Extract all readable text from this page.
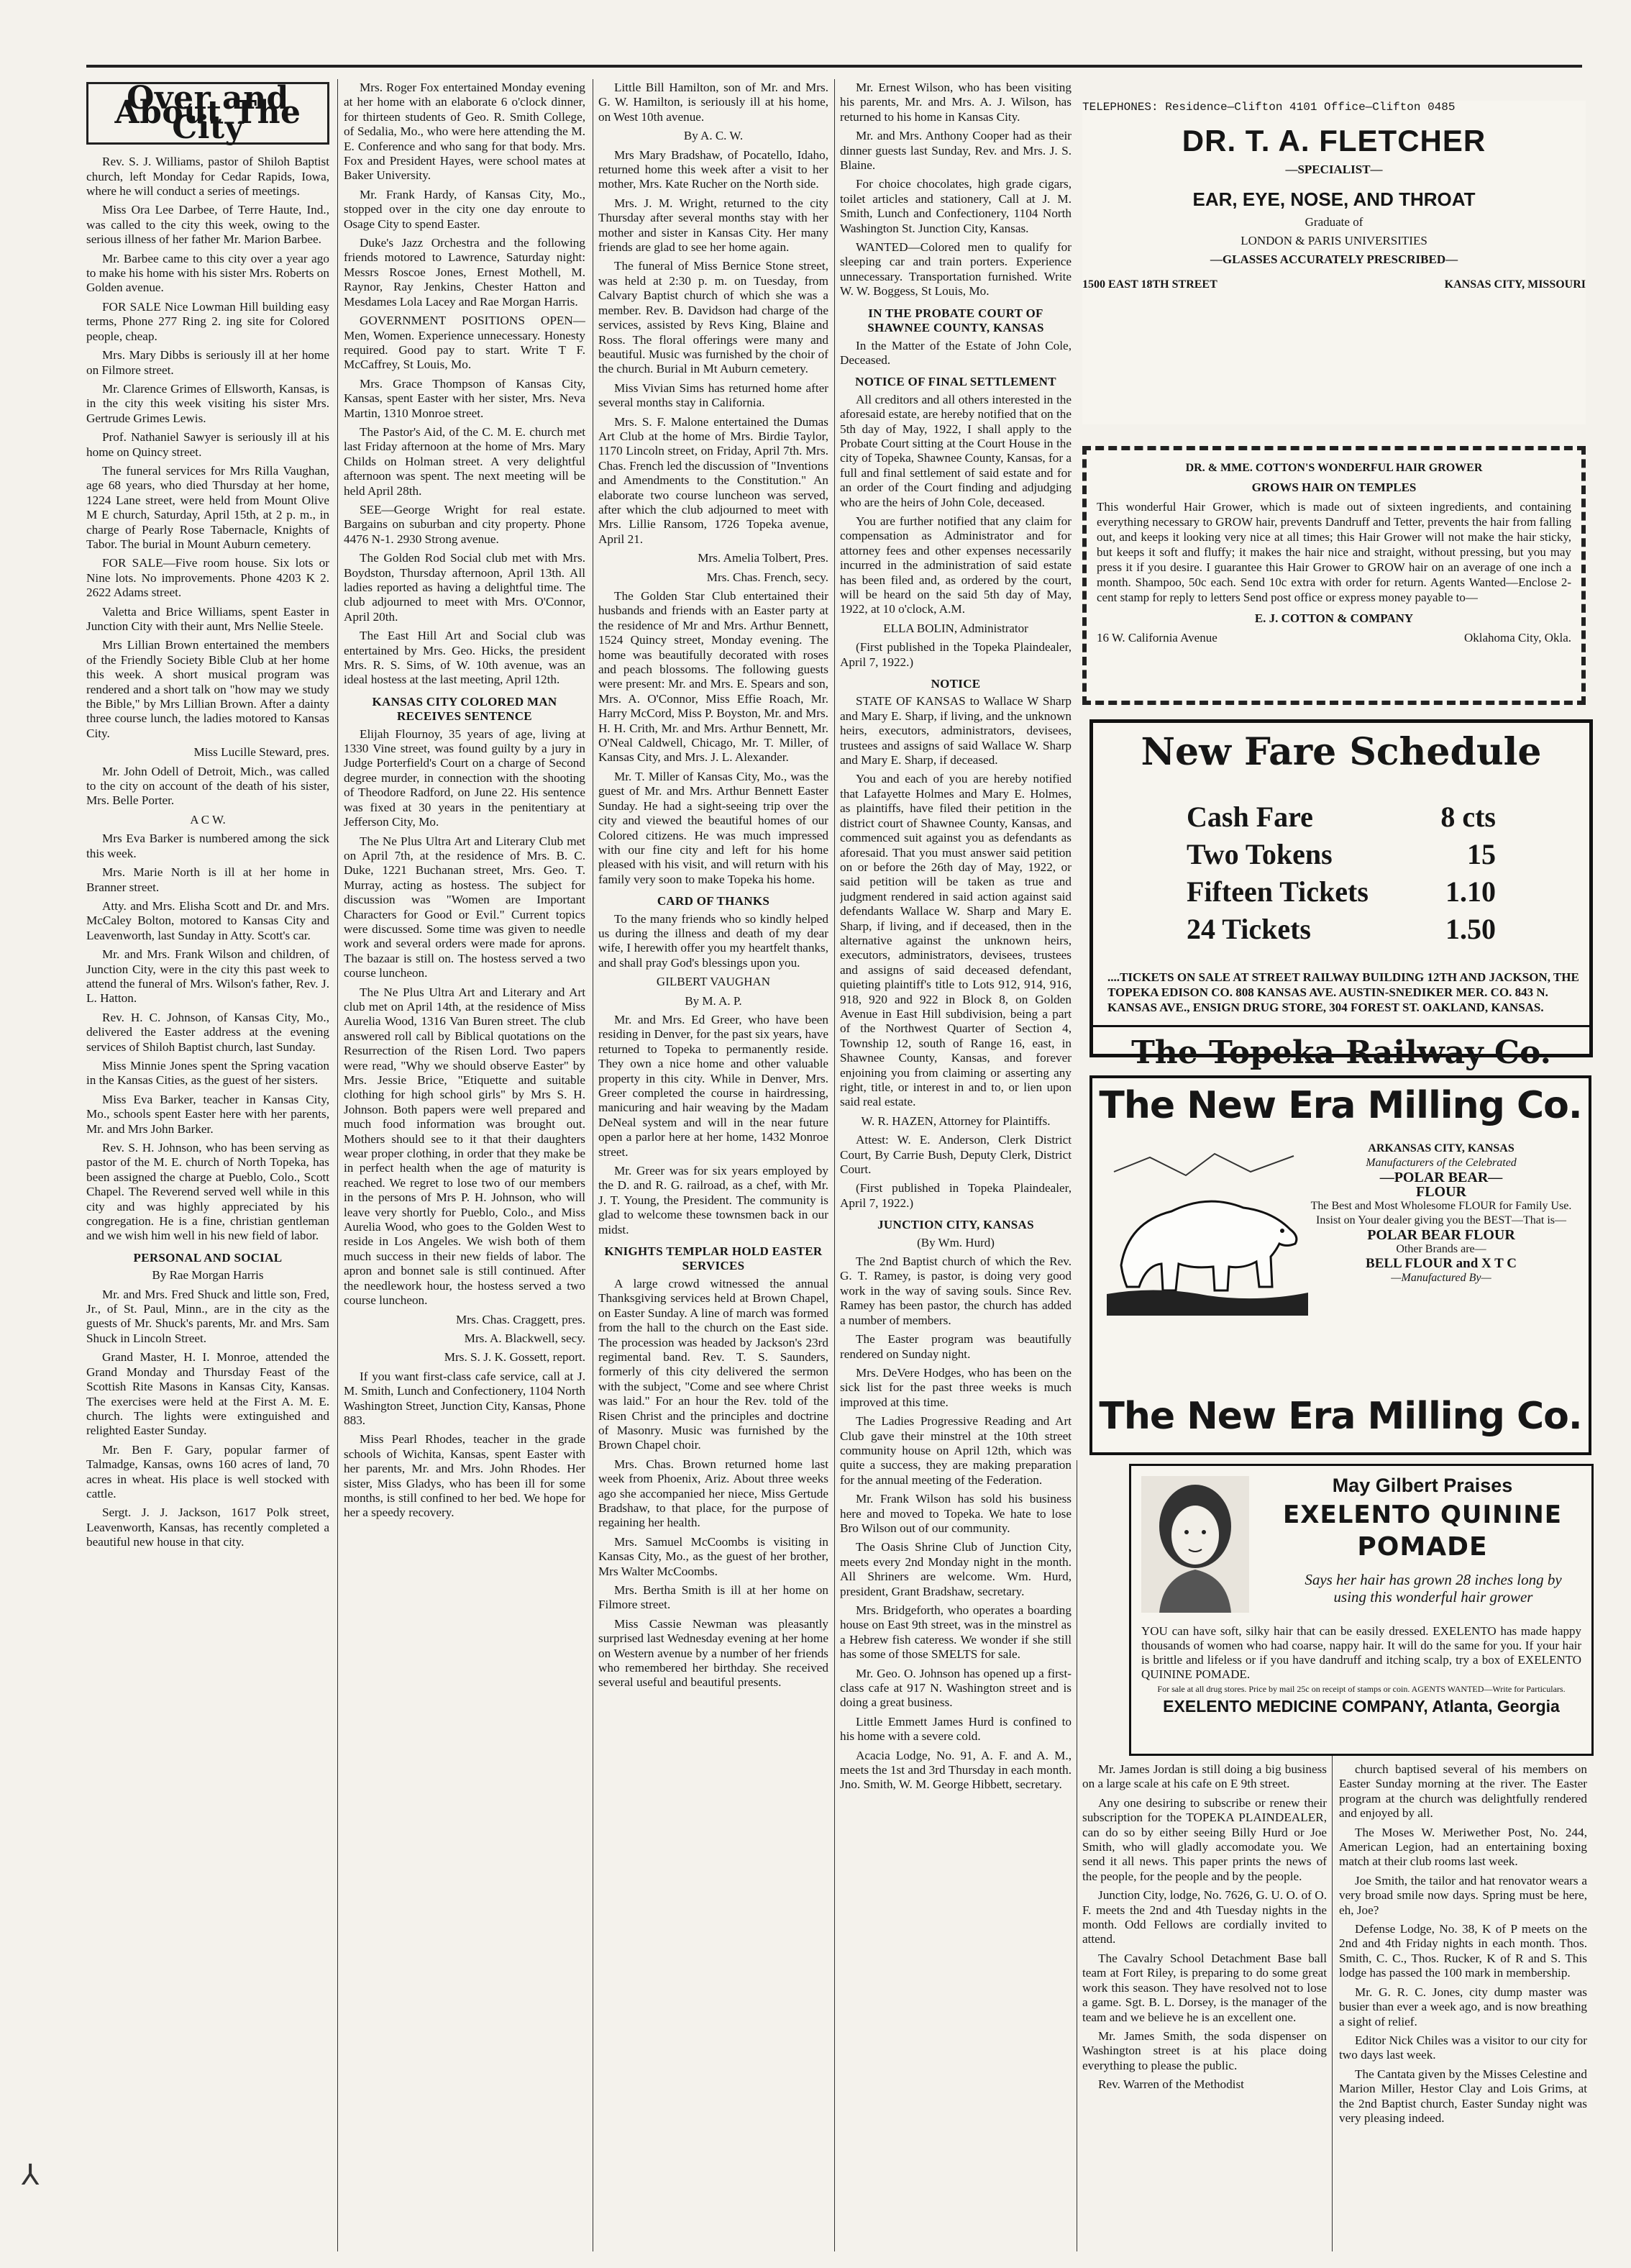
Over and About The City

Rev. S. J. Williams, pastor of Shiloh Baptist church, left Monday for Cedar Rapids, Iowa, where he will conduct a series of meetings.

Miss Ora Lee Darbee, of Terre Haute, Ind., was called to the city this week, owing to the serious illness of her father Mr. Marion Barbee.

Mr. Barbee came to this city over a year ago to make his home with his sister Mrs. Roberts on Golden avenue.

FOR SALE Nice Lowman Hill building easy terms, Phone 277 Ring 2. ing site for Colored people, cheap.

Mrs. Mary Dibbs is seriously ill at her home on Filmore street.

Mr. Clarence Grimes of Ellsworth, Kansas, is in the city this week visiting his sister Mrs. Gertrude Grimes Lewis.

Prof. Nathaniel Sawyer is seriously ill at his home on Quincy street.

The funeral services for Mrs Rilla Vaughan, age 68 years, who died Thursday at her home, 1224 Lane street, were held from Mount Olive M E church, Saturday, April 15th, at 2 p. m., in charge of Pearly Rose Tabernacle, Knights of Tabor. The burial in Mount Auburn cemetery.

FOR SALE—Five room house. Six lots or Nine lots. No improvements. Phone 4203 K 2. 2622 Adams street.

Valetta and Brice Williams, spent Easter in Junction City with their aunt, Mrs Nellie Steele.

Mrs Lillian Brown entertained the members of the Friendly Society Bible Club at her home this week. A short musical program was rendered and a short talk on "how may we study the Bible," by Mrs Lillian Brown. After a dainty three course lunch, the ladies motored to Kansas City.

Miss Lucille Steward, pres.

Mr. John Odell of Detroit, Mich., was called to the city on account of the death of his sister, Mrs. Belle Porter.

A C W.

Mrs Eva Barker is numbered among the sick this week.

Mrs. Marie North is ill at her home in Branner street.

Atty. and Mrs. Elisha Scott and Dr. and Mrs. McCaley Bolton, motored to Kansas City and Leavenworth, last Sunday in Atty. Scott's car.

Mr. and Mrs. Frank Wilson and children, of Junction City, were in the city this past week to attend the funeral of Mrs. Wilson's father, Rev. J. L. Hatton.

Rev. H. C. Johnson, of Kansas City, Mo., delivered the Easter address at the evening services of Shiloh Baptist church, last Sunday.

Miss Minnie Jones spent the Spring vacation in the Kansas Cities, as the guest of her sisters.

Miss Eva Barker, teacher in Kansas City, Mo., schools spent Easter here with her parents, Mr. and Mrs John Barker.

Rev. S. H. Johnson, who has been serving as pastor of the M. E. church of North Topeka, has been assigned the charge at Pueblo, Colo., Scott Chapel. The Reverend served well while in this city and was highly appreciated by his congregation. He is a fine, christian gentleman and we wish him well in his new field of labor.

PERSONAL AND SOCIAL
By Rae Morgan Harris

Mr. and Mrs. Fred Shuck and little son, Fred, Jr., of St. Paul, Minn., are in the city as the guests of Mr. Shuck's parents, Mr. and Mrs. Sam Shuck in Lincoln Street.

Grand Master, H. I. Monroe, attended the Grand Monday and Thursday Feast of the Scottish Rite Masons in Kansas City, Kansas. The exercises were held at the First A. M. E. church. The lights were extinguished and relighted Easter Sunday.

Mr. Ben F. Gary, popular farmer of Talmadge, Kansas, owns 160 acres of land, 70 acres in wheat. His place is well stocked with cattle.

Sergt. J. J. Jackson, 1617 Polk street, Leavenworth, Kansas, has recently completed a beautiful new house in that city.

Mrs. Roger Fox entertained Monday evening at her home with an elaborate 6 o'clock dinner, for thirteen students of Geo. R. Smith College, of Sedalia, Mo., who were here attending the M. E. Conference and who sang for that body. Mrs. Fox and President Hayes, were school mates at Baker University.

Mr. Frank Hardy, of Kansas City, Mo., stopped over in the city one day enroute to Osage City to spend Easter.

Duke's Jazz Orchestra and the following friends motored to Lawrence, Saturday night: Messrs Roscoe Jones, Ernest Mothell, M. Raynor, Ray Jenkins, Chester Hatton and Mesdames Lola Lacey and Rae Morgan Harris.

GOVERNMENT POSITIONS OPEN—Men, Women. Experience unnecessary. Honesty required. Good pay to start. Write T F. McCaffrey, St Louis, Mo.

Mrs. Grace Thompson of Kansas City, Kansas, spent Easter with her sister, Mrs. Neva Martin, 1310 Monroe street.

The Pastor's Aid, of the C. M. E. church met last Friday afternoon at the home of Mrs. Mary Childs on Holman street. A very delightful afternoon was spent. The next meeting will be held April 28th.

SEE—George Wright for real estate. Bargains on suburban and city property. Phone 4476 N-1. 2930 Strong avenue.

The Golden Rod Social club met with Mrs. Boydston, Thursday afternoon, April 13th. All ladies reported as having a delightful time. The club adjourned to meet with Mrs. O'Connor, April 20th.

The East Hill Art and Social club was entertained by Mrs. Geo. Hicks, the president Mrs. R. S. Sims, of W. 10th avenue, was an ideal hostess at the last meeting, April 12th.

KANSAS CITY COLORED MAN RECEIVES SENTENCE

Elijah Flournoy, 35 years of age, living at 1330 Vine street, was found guilty by a jury in Judge Porterfield's Court on a charge of Second degree murder, in connection with the shooting of Theodore Radford, on June 22. His sentence was fixed at 30 years in the penitentiary at Jefferson City, Mo.

The Ne Plus Ultra Art and Literary Club met on April 7th, at the residence of Mrs. B. C. Duke, 1221 Buchanan street, Mrs. Geo. T. Murray, acting as hostess. The subject for discussion was "Women are Important Characters for Good or Evil." Current topics were discussed. Some time was given to needle work and several orders were made for aprons. The bazaar is still on. The hostess served a two course luncheon.

The Ne Plus Ultra Art and Literary and Art club met on April 14th, at the residence of Miss Aurelia Wood, 1316 Van Buren street. The club answered roll call by Biblical quotations on the Resurrection of the Risen Lord. Two papers were read, "Why we should observe Easter" by Mrs. Jessie Brice, "Etiquette and suitable clothing for high school girls" by Mrs S. H. Johnson. Both papers were well prepared and much food information was brought out. Mothers should see to it that their daughters wear proper clothing, in order that they make be in perfect health when the age of maturity is reached. We regret to lose two of our members in the persons of Mrs P. H. Johnson, who will leave very shortly for Pueblo, Colo., and Miss Aurelia Wood, who goes to the Golden West to reside in Los Angeles. We wish both of them much success in their new fields of labor. The apron and bonnet sale is still continued. After the needlework hour, the hostess served a two course luncheon.

Mrs. Chas. Craggett, pres.
Mrs. A. Blackwell, secy.
Mrs. S. J. K. Gossett, report.

If you want first-class cafe service, call at J. M. Smith, Lunch and Confectionery, 1104 North Washington Street, Junction City, Kansas, Phone 883.

Miss Pearl Rhodes, teacher in the grade schools of Wichita, Kansas, spent Easter with her parents, Mr. and Mrs. John Rhodes. Her sister, Miss Gladys, who has been ill for some months, is still confined to her bed. We hope for her a speedy recovery.

Little Bill Hamilton, son of Mr. and Mrs. G. W. Hamilton, is seriously ill at his home, on West 10th avenue.

By A. C. W.

Mrs Mary Bradshaw, of Pocatello, Idaho, returned home this week after a visit to her mother, Mrs. Kate Rucher on the North side.

Mrs. J. M. Wright, returned to the city Thursday after several months stay with her mother and sister in Kansas City. Her many friends are glad to see her home again.

The funeral of Miss Bernice Stone street, was held at 2:30 p. m. on Tuesday, from Calvary Baptist church of which she was a member. Rev. B. Davidson had charge of the services, assisted by Revs King, Blaine and Ross. The floral offerings were many and beautiful. Music was furnished by the choir of the church. Burial in Mt Auburn cemetery.

Miss Vivian Sims has returned home after several months stay in California.

Mrs. S. F. Malone entertained the Dumas Art Club at the home of Mrs. Birdie Taylor, 1170 Lincoln street, on Friday, April 7th. Mrs. Chas. French led the discussion of "Inventions and Amendments to the Constitution." An elaborate two course luncheon was served, after which the club adjourned to meet with Mrs. Lillie Ransom, 1726 Topeka avenue, April 21.

Mrs. Amelia Tolbert, Pres.
Mrs. Chas. French, secy.

The Golden Star Club entertained their husbands and friends with an Easter party at the residence of Mr and Mrs. Arthur Bennett, 1524 Quincy street, Monday evening. The home was beautifully decorated with roses and peach blossoms. The following guests were present: Mr. and Mrs. E. Spears and son, Mrs. A. O'Connor, Miss Effie Roach, Mr. Harry McCord, Miss P. Boyston, Mr. and Mrs. H. H. Crith, Mr. and Mrs. Arthur Bennett, Mr. O'Neal Caldwell, Chicago, Mr. T. Miller, of Kansas City, and Mrs. J. L. Alexander.

Mr. T. Miller of Kansas City, Mo., was the guest of Mr. and Mrs. Arthur Bennett Easter Sunday. He had a sight-seeing trip over the city and viewed the beautiful homes of our Colored citizens. He was much impressed with our fine city and left for his home pleased with his visit, and will return with his family very soon to make Topeka his home.

CARD OF THANKS

To the many friends who so kindly helped us during the illness and death of my dear wife, I herewith offer you my heartfelt thanks, and shall pray God's blessings upon you.

GILBERT VAUGHAN
By M. A. P.

Mr. and Mrs. Ed Greer, who have been residing in Denver, for the past six years, have returned to Topeka to permanently reside. They own a nice home and other valuable property in this city. While in Denver, Mrs. Greer completed the course in hairdressing, manicuring and hair weaving by the Madam DeNeal system and will in the near future open a parlor here at her home, 1432 Monroe street.

Mr. Greer was for six years employed by the D. and R. G. railroad, as a chef, with Mr. J. T. Young, the President. The community is glad to welcome these townsmen back in our midst.

KNIGHTS TEMPLAR HOLD EASTER SERVICES

A large crowd witnessed the annual Thanksgiving services held at Brown Chapel, on Easter Sunday. A line of march was formed from the hall to the church on the East side. The procession was headed by Jackson's 23rd regimental band. Rev. T. S. Saunders, formerly of this city delivered the sermon with the subject, "Come and see where Christ was laid." For an hour the Rev. told of the Risen Christ and the principles and doctrine of Masonry. Music was furnished by the Brown Chapel choir.

Mrs. Chas. Brown returned home last week from Phoenix, Ariz. About three weeks ago she accompanied her niece, Miss Gertude Bradshaw, to that place, for the purpose of regaining her health.

Mrs. Samuel McCoombs is visiting in Kansas City, Mo., as the guest of her brother, Mrs Walter McCoombs.

Mrs. Bertha Smith is ill at her home on Filmore street.

Miss Cassie Newman was pleasantly surprised last Wednesday evening at her home on Western avenue by a number of her friends who remembered her birthday. She received several useful and beautiful presents.

Mr. Ernest Wilson, who has been visiting his parents, Mr. and Mrs. A. J. Wilson, has returned to his home in Kansas City.

Mr. and Mrs. Anthony Cooper had as their dinner guests last Sunday, Rev. and Mrs. J. S. Blaine.

For choice chocolates, high grade cigars, toilet articles and stationery, Call at J. M. Smith, Lunch and Confectionery, 1104 North Washington St. Junction City, Kansas.

WANTED—Colored men to qualify for sleeping car and train porters. Experience unnecessary. Transportation furnished. Write W. W. Boggess, St Louis, Mo.

IN THE PROBATE COURT OF SHAWNEE COUNTY, KANSAS

In the Matter of the Estate of John Cole, Deceased.

NOTICE OF FINAL SETTLEMENT

All creditors and all others interested in the aforesaid estate, are hereby notified that on the 5th day of May, 1922, I shall apply to the Probate Court sitting at the Court House in the city of Topeka, Shawnee County, Kansas, for a full and final settlement of said estate and for an order of the Court finding and adjudging who are the heirs of John Cole, deceased.

You are further notified that any claim for compensation as Administrator and for attorney fees and other expenses necessarily incurred in the administration of said estate has been filed and, as ordered by the court, will be heard on the said 5th day of May, 1922, at 10 o'clock, A.M.

ELLA BOLIN, Administrator

(First published in the Topeka Plaindealer, April 7, 1922.)

NOTICE

STATE OF KANSAS to Wallace W Sharp and Mary E. Sharp, if living, and the unknown heirs, executors, administrators, devisees, trustees and assigns of said Wallace W. Sharp and Mary E. Sharp, if deceased.

You and each of you are hereby notified that Lafayette Holmes and Mary E. Holmes, as plaintiffs, have filed their petition in the district court of Shawnee County, Kansas, and commenced suit against you as defendants as aforesaid. That you must answer said petition on or before the 26th day of May, 1922, or said petition will be taken as true and judgment rendered in said action against said defendants Wallace W. Sharp and Mary E. Sharp, if living, and if deceased, then in the alternative against the unknown heirs, executors, administrators, devisees, trustees and assigns of said deceased defendant, quieting plaintiff's title to Lots 912, 914, 916, 918, 920 and 922 in Block 8, on Golden Avenue in East Hill subdivision, being a part of the Northwest Quarter of Section 4, Township 12, south of Range 16, east, in Shawnee County, Kansas, and forever enjoining you from claiming or asserting any right, title, or interest in and to, or lien upon said real estate.

W. R. HAZEN, Attorney for Plaintiffs.

Attest: W. E. Anderson, Clerk District Court, By Carrie Bush, Deputy Clerk, District Court.

(First published in Topeka Plaindealer, April 7, 1922.)

JUNCTION CITY, KANSAS
(By Wm. Hurd)

The 2nd Baptist church of which the Rev. G. T. Ramey, is pastor, is doing very good work in the way of saving souls. Since Rev. Ramey has been pastor, the church has added a number of members.

The Easter program was beautifully rendered on Sunday night.

Mrs. DeVere Hodges, who has been on the sick list for the past three weeks is much improved at this time.

The Ladies Progressive Reading and Art Club gave their minstrel at the 10th street community house on April 12th, which was quite a success, they are making preparation for the annual meeting of the Federation.

Mr. Frank Wilson has sold his business here and moved to Topeka. We hate to lose Bro Wilson out of our community.

The Oasis Shrine Club of Junction City, meets every 2nd Monday night in the month. All Shriners are welcome. Wm. Hurd, president, Grant Bradshaw, secretary.

Mrs. Bridgeforth, who operates a boarding house on East 9th street, was in the minstrel as a Hebrew fish cateress. We wonder if she still has some of those SMELTS for sale.

Mr. Geo. O. Johnson has opened up a first-class cafe at 917 N. Washington street and is doing a great business.

Little Emmett James Hurd is confined to his home with a severe cold.

Acacia Lodge, No. 91, A. F. and A. M., meets the 1st and 3rd Thursday in each month. Jno. Smith, W. M. George Hibbett, secretary.

Mr. James Jordan is still doing a big business on a large scale at his cafe on E 9th street.

Any one desiring to subscribe or renew their subscription for the TOPEKA PLAINDEALER, can do so by either seeing Billy Hurd or Joe Smith, who will gladly accomodate you. We send it all news. This paper prints the news of the people, for the people and by the people.

Junction City, lodge, No. 7626, G. U. O. of O. F. meets the 2nd and 4th Tuesday nights in the month. Odd Fellows are cordially invited to attend.

The Cavalry School Detachment Base ball team at Fort Riley, is preparing to do some great work this season. They have resolved not to lose a game. Sgt. B. L. Dorsey, is the manager of the team and we believe he is an excellent one.

Mr. James Smith, the soda dispenser on Washington street is at his place doing everything to please the public.

Rev. Warren of the Methodist

church baptised several of his members on Easter Sunday morning at the river. The Easter program at the church was delightfully rendered and enjoyed by all.

The Moses W. Meriwether Post, No. 244, American Legion, had an entertaining boxing match at their club rooms last week.

Joe Smith, the tailor and hat renovator wears a very broad smile now days. Spring must be here, eh, Joe?

Defense Lodge, No. 38, K of P meets on the 2nd and 4th Friday nights in each month. Thos. Smith, C. C., Thos. Rucker, K of R and S. This lodge has passed the 100 mark in membership.

Mr. G. R. C. Jones, city dump master was busier than ever a week ago, and is now breathing a sight of relief.

Editor Nick Chiles was a visitor to our city for two days last week.

The Cantata given by the Misses Celestine and Marion Miller, Hestor Clay and Lois Grims, at the 2nd Baptist church, Easter Sunday night was very pleasing indeed.

TELEPHONES: Residence—Clifton 4101 Office—Clifton 0485
DR. T. A. FLETCHER
—SPECIALIST—
EAR, EYE, NOSE, AND THROAT
Graduate of
LONDON & PARIS UNIVERSITIES
—GLASSES ACCURATELY PRESCRIBED—
1500 EAST 18TH STREET	KANSAS CITY, MISSOURI
DR. & MME. COTTON'S WONDERFUL HAIR GROWER
GROWS HAIR ON TEMPLES
This wonderful Hair Grower, which is made out of sixteen ingredients, and containing everything necessary to GROW hair, prevents Dandruff and Tetter, prevents the hair from falling out, and keeps it looking very nice at all times; this Hair Grower will not make the hair sticky, but keeps it soft and fluffy; it makes the hair nice and straight, without pressing, but you may press it if you desire. I guarantee this Hair Grower to GROW hair on an average of one inch a month. Shampoo, 50c each. Send 10c extra with order for return. Agents Wanted—Enclose 2-cent stamp for reply to letters Send post office or express money payable to—
E. J. COTTON & COMPANY
16 W. California Avenue	Oklahoma City, Okla.
New Fare Schedule
Cash Fare	8 cts
Two Tokens	15
Fifteen Tickets	1.10
24 Tickets	1.50
....TICKETS ON SALE AT STREET RAILWAY BUILDING 12TH AND JACKSON, THE TOPEKA EDISON CO. 808 KANSAS AVE. AUSTIN-SNEDIKER MER. CO. 843 N. KANSAS AVE., ENSIGN DRUG STORE, 304 FOREST ST. OAKLAND, KANSAS.
The Topeka Railway Co.
The New Era Milling Co.
ARKANSAS CITY, KANSAS
Manufacturers of the Celebrated
—POLAR BEAR—
FLOUR
The Best and Most Wholesome FLOUR for Family Use. Insist on Your dealer giving you the BEST—That is—
POLAR BEAR FLOUR
Other Brands are—
BELL FLOUR and X T C
—Manufactured By—
The New Era Milling Co.
May Gilbert Praises
EXELENTO QUININE
POMADE
Says her hair has grown 28 inches long by using this wonderful hair grower
YOU can have soft, silky hair that can be easily dressed. EXELENTO has made happy thousands of women who had coarse, nappy hair. It will do the same for you. If your hair is brittle and lifeless or if you have dandruff and itching scalp, try a box of EXELENTO QUININE POMADE.
For sale at all drug stores. Price by mail 25c on receipt of stamps or coin. AGENTS WANTED—Write for Particulars.
EXELENTO MEDICINE COMPANY, Atlanta, Georgia
⅄
